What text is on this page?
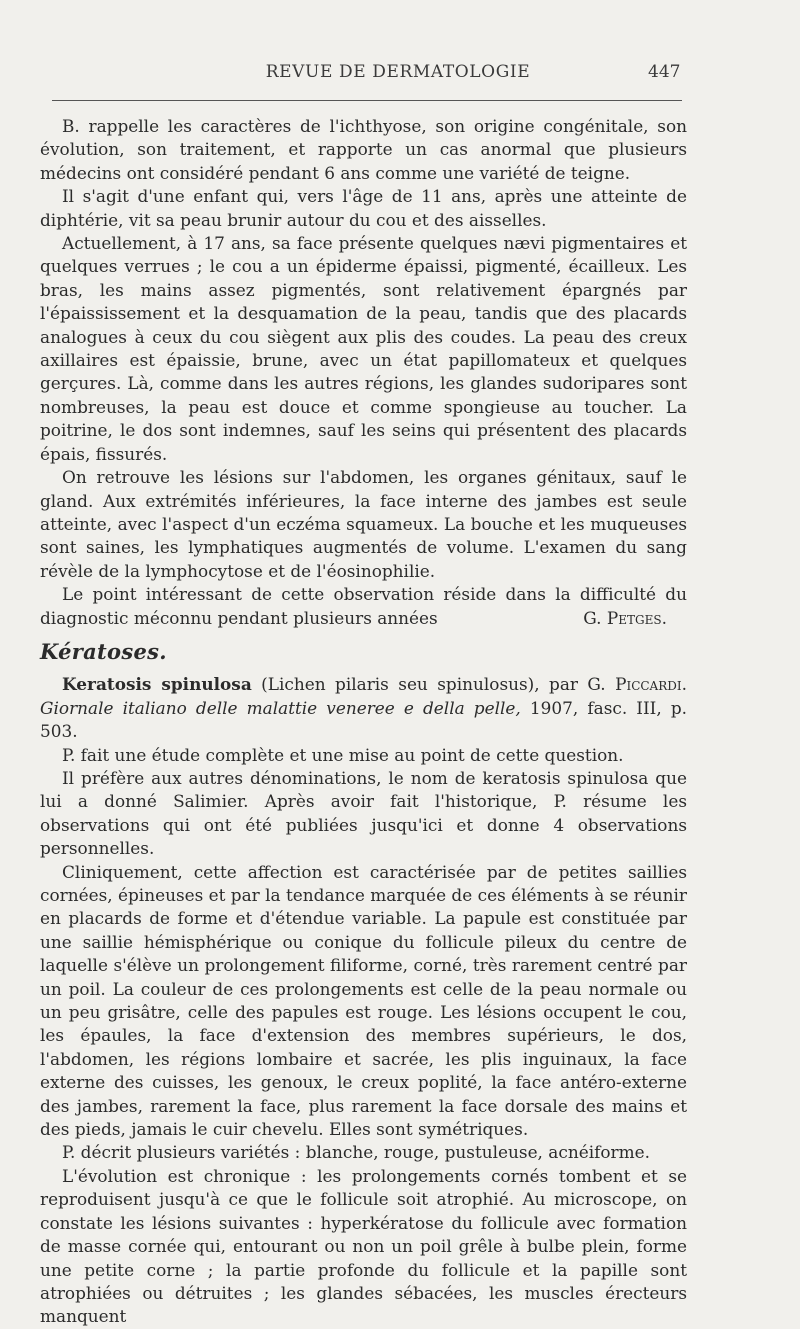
REVUE DE DERMATOLOGIE	447

B. rappelle les caractères de l'ichthyose, son origine congénitale, son évolution, son traitement, et rapporte un cas anormal que plusieurs médecins ont considéré pendant 6 ans comme une variété de teigne.

Il s'agit d'une enfant qui, vers l'âge de 11 ans, après une atteinte de diphtérie, vit sa peau brunir autour du cou et des aisselles.

Actuellement, à 17 ans, sa face présente quelques nævi pigmentaires et quelques verrues ; le cou a un épiderme épaissi, pigmenté, écailleux. Les bras, les mains assez pigmentés, sont relativement épargnés par l'épaississement et la desquamation de la peau, tandis que des placards analogues à ceux du cou siègent aux plis des coudes. La peau des creux axillaires est épaissie, brune, avec un état papillomateux et quelques gerçures. Là, comme dans les autres régions, les glandes sudoripares sont nombreuses, la peau est douce et comme spongieuse au toucher. La poitrine, le dos sont indemnes, sauf les seins qui présentent des placards épais, fissurés.

On retrouve les lésions sur l'abdomen, les organes génitaux, sauf le gland. Aux extrémités inférieures, la face interne des jambes est seule atteinte, avec l'aspect d'un eczéma squameux. La bouche et les muqueuses sont saines, les lymphatiques augmentés de volume. L'examen du sang révèle de la lymphocytose et de l'éosinophilie.

Le point intéressant de cette observation réside dans la difficulté du diagnostic méconnu pendant plusieurs années	G. Petges.

Kératoses.

Keratosis spinulosa (Lichen pilaris seu spinulosus), par G. Piccardi. Giornale italiano delle malattie veneree e della pelle, 1907, fasc. III, p. 503.

P. fait une étude complète et une mise au point de cette question.

Il préfère aux autres dénominations, le nom de keratosis spinulosa que lui a donné Salimier. Après avoir fait l'historique, P. résume les observations qui ont été publiées jusqu'ici et donne 4 observations personnelles.

Cliniquement, cette affection est caractérisée par de petites saillies cornées, épineuses et par la tendance marquée de ces éléments à se réunir en placards de forme et d'étendue variable. La papule est constituée par une saillie hémisphérique ou conique du follicule pileux du centre de laquelle s'élève un prolongement filiforme, corné, très rarement centré par un poil. La couleur de ces prolongements est celle de la peau normale ou un peu grisâtre, celle des papules est rouge. Les lésions occupent le cou, les épaules, la face d'extension des membres supérieurs, le dos, l'abdomen, les régions lombaire et sacrée, les plis inguinaux, la face externe des cuisses, les genoux, le creux poplité, la face antéro-externe des jambes, rarement la face, plus rarement la face dorsale des mains et des pieds, jamais le cuir chevelu. Elles sont symétriques.

P. décrit plusieurs variétés : blanche, rouge, pustuleuse, acnéiforme.

L'évolution est chronique : les prolongements cornés tombent et se reproduisent jusqu'à ce que le follicule soit atrophié. Au microscope, on constate les lésions suivantes : hyperkératose du follicule avec formation de masse cornée qui, entourant ou non un poil grêle à bulbe plein, forme une petite corne ; la partie profonde du follicule et la papille sont atrophiées ou détruites ; les glandes sébacées, les muscles érecteurs manquent
